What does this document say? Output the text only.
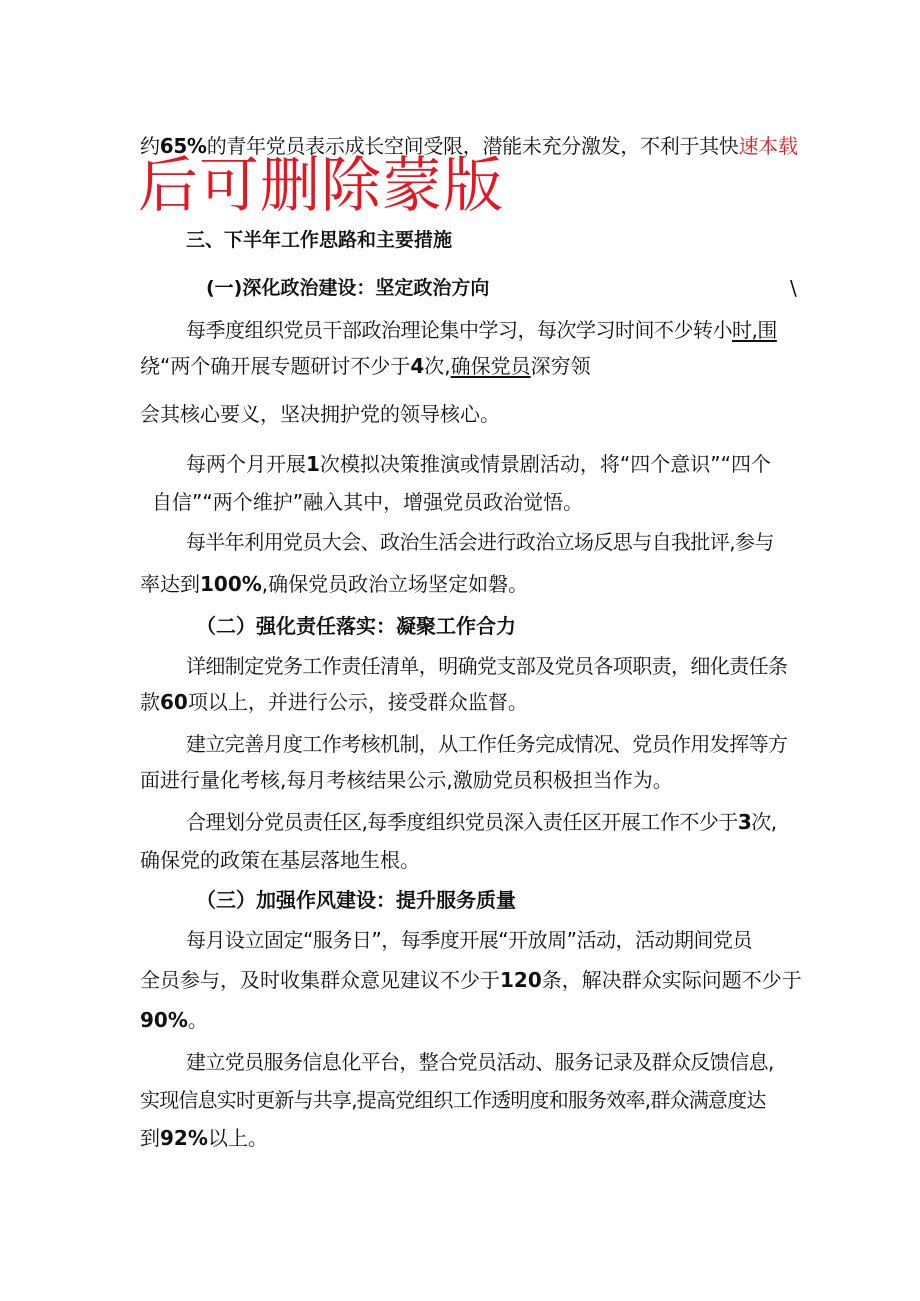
约65%的青年党员表示成长空间受限，潜能未充分激发，不利于其快速本载

后可删除蒙版

三、下半年工作思路和主要措施

(一)深化政治建设：坚定政治方向	\

每季度组织党员干部政治理论集中学习，每次学习时间不少转小时,围

绕“两个确开展专题研讨不少于4次,确保党员深穷领

会其核心要义，坚决拥护党的领导核心。

每两个月开展1次模拟决策推演或情景剧活动，将“四个意识”“四个

自信”“两个维护”融入其中，增强党员政治觉悟。

每半年利用党员大会、政治生活会进行政治立场反思与自我批评,参与

率达到100%,确保党员政治立场坚定如磐。

（二）强化责任落实：凝聚工作合力

详细制定党务工作责任清单，明确党支部及党员各项职责，细化责任条

款60项以上，并进行公示，接受群众监督。

建立完善月度工作考核机制，从工作任务完成情况、党员作用发挥等方

面进行量化考核,每月考核结果公示,激励党员积极担当作为。

合理划分党员责任区,每季度组织党员深入责任区开展工作不少于3次,

确保党的政策在基层落地生根。

（三）加强作风建设：提升服务质量

每月设立固定“服务日”，每季度开展“开放周”活动，活动期间党员

全员参与，及时收集群众意见建议不少于120条，解决群众实际问题不少于

90%。

建立党员服务信息化平台，整合党员活动、服务记录及群众反馈信息,

实现信息实时更新与共享,提高党组织工作透明度和服务效率,群众满意度达

到92%以上。
